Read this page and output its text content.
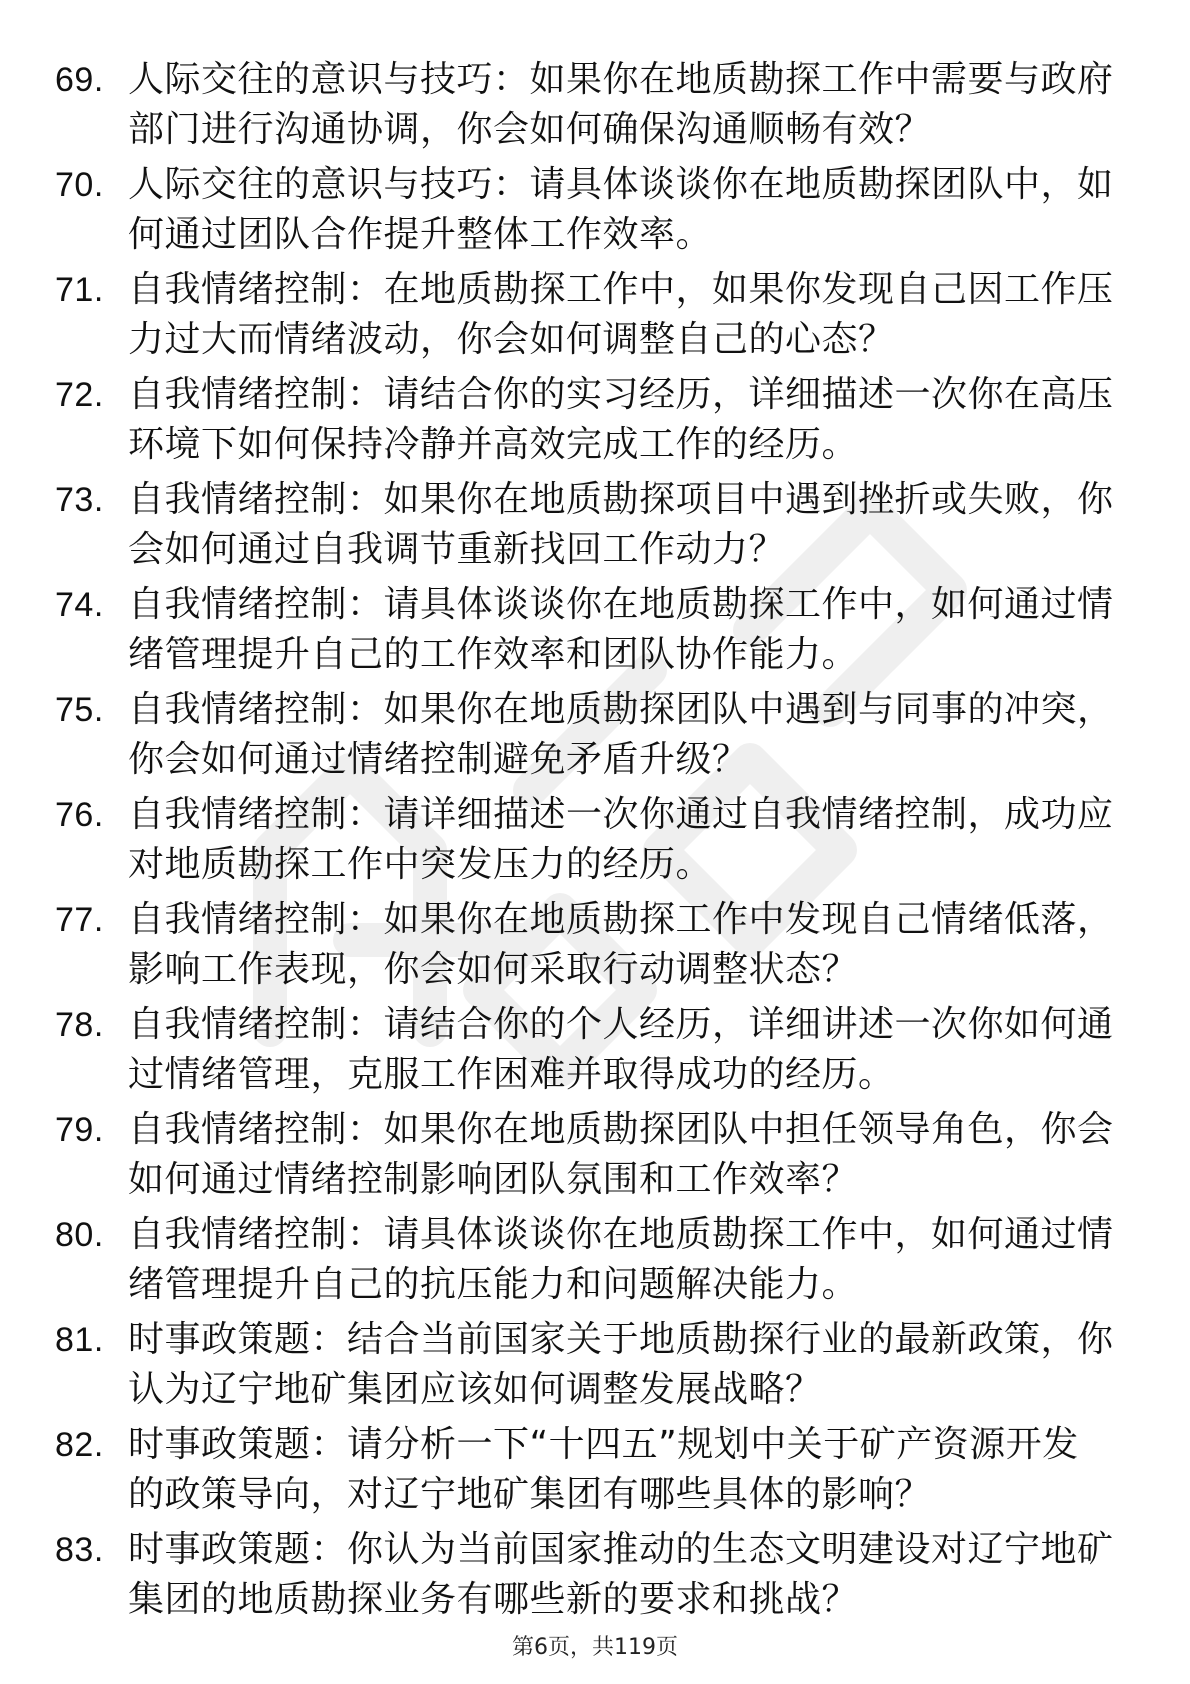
69. 人际交往的意识与技巧：如果你在地质勘探工作中需要与政府部门进行沟通协调，你会如何确保沟通顺畅有效？
70. 人际交往的意识与技巧：请具体谈谈你在地质勘探团队中，如何通过团队合作提升整体工作效率。
71. 自我情绪控制：在地质勘探工作中，如果你发现自己因工作压力过大而情绪波动，你会如何调整自己的心态？
72. 自我情绪控制：请结合你的实习经历，详细描述一次你在高压环境下如何保持冷静并高效完成工作的经历。
73. 自我情绪控制：如果你在地质勘探项目中遇到挫折或失败，你会如何通过自我调节重新找回工作动力？
74. 自我情绪控制：请具体谈谈你在地质勘探工作中，如何通过情绪管理提升自己的工作效率和团队协作能力。
75. 自我情绪控制：如果你在地质勘探团队中遇到与同事的冲突，你会如何通过情绪控制避免矛盾升级？
76. 自我情绪控制：请详细描述一次你通过自我情绪控制，成功应对地质勘探工作中突发压力的经历。
77. 自我情绪控制：如果你在地质勘探工作中发现自己情绪低落，影响工作表现，你会如何采取行动调整状态？
78. 自我情绪控制：请结合你的个人经历，详细讲述一次你如何通过情绪管理，克服工作困难并取得成功的经历。
79. 自我情绪控制：如果你在地质勘探团队中担任领导角色，你会如何通过情绪控制影响团队氛围和工作效率？
80. 自我情绪控制：请具体谈谈你在地质勘探工作中，如何通过情绪管理提升自己的抗压能力和问题解决能力。
81. 时事政策题：结合当前国家关于地质勘探行业的最新政策，你认为辽宁地矿集团应该如何调整发展战略？
82. 时事政策题：请分析一下“十四五”规划中关于矿产资源开发的政策导向，对辽宁地矿集团有哪些具体的影响？
83. 时事政策题：你认为当前国家推动的生态文明建设对辽宁地矿集团的地质勘探业务有哪些新的要求和挑战？
第6页，共119页
